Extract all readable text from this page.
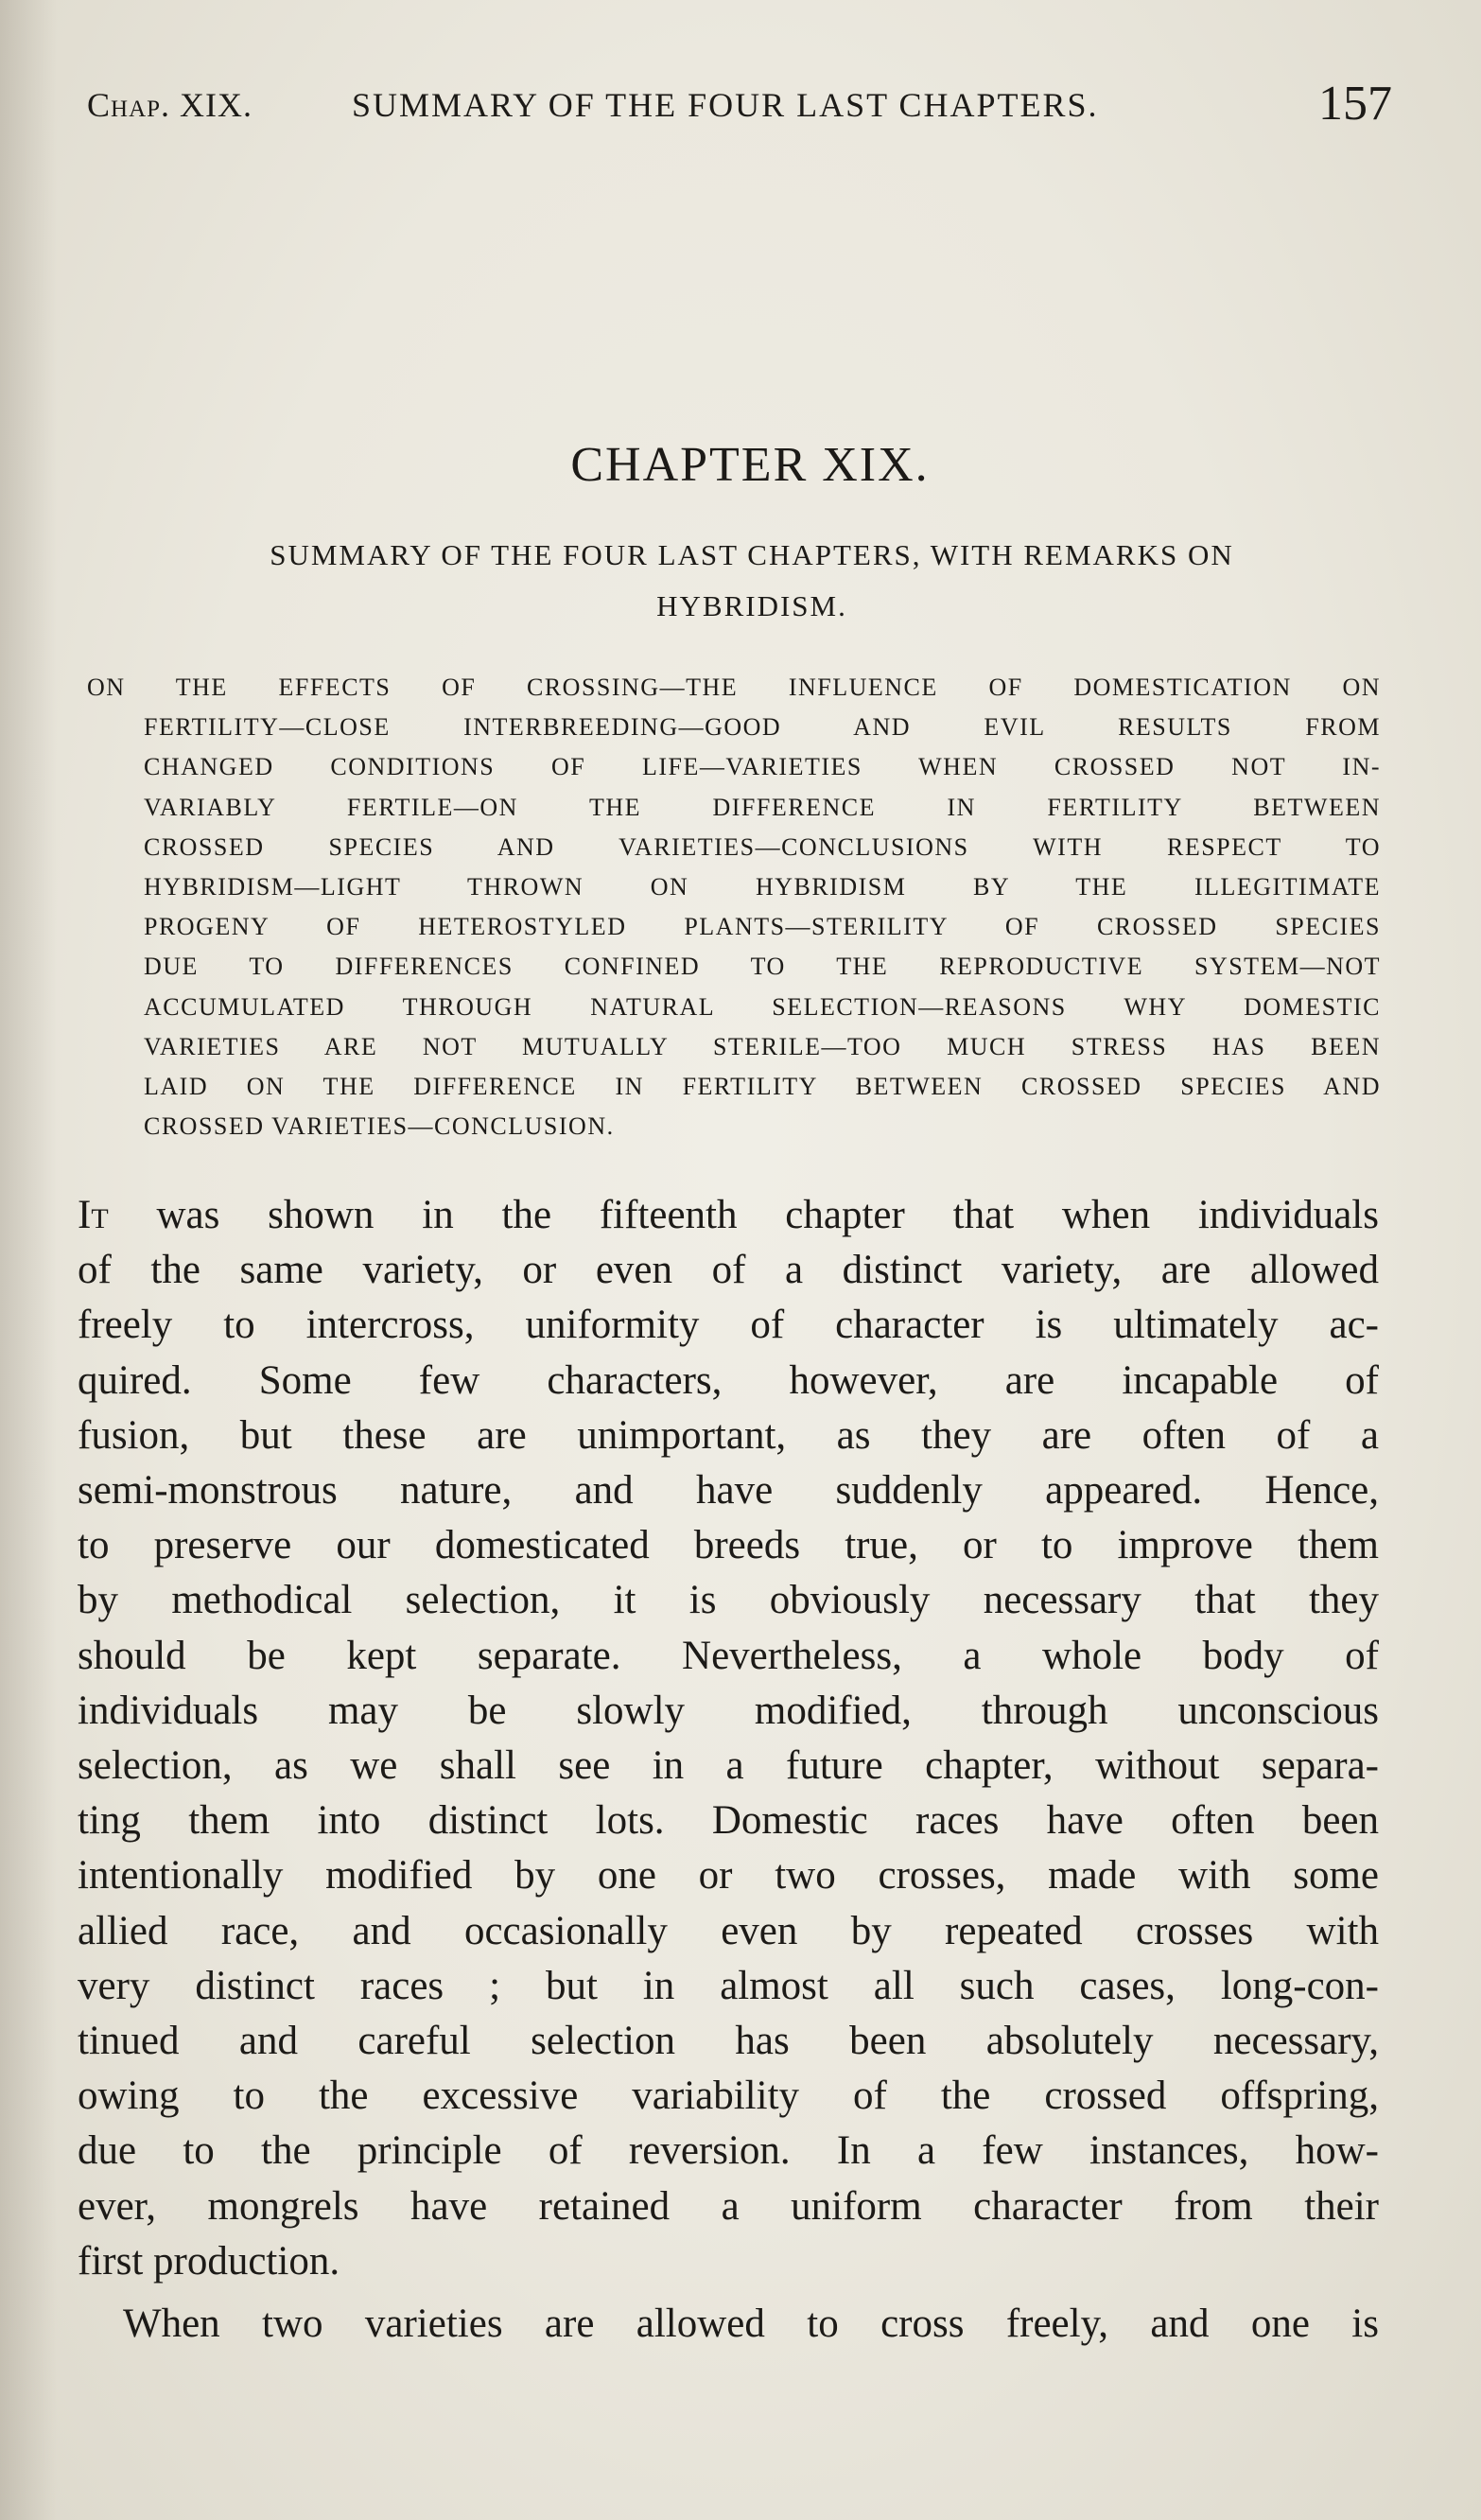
Chap. XIX.	SUMMARY OF THE FOUR LAST CHAPTERS.	157
CHAPTER XIX.
SUMMARY OF THE FOUR LAST CHAPTERS, WITH REMARKS ON
HYBRIDISM.
ON THE EFFECTS OF CROSSING—THE INFLUENCE OF DOMESTICATION ON
FERTILITY—CLOSE INTERBREEDING—GOOD AND EVIL RESULTS FROM
CHANGED CONDITIONS OF LIFE—VARIETIES WHEN CROSSED NOT IN-
VARIABLY FERTILE—ON THE DIFFERENCE IN FERTILITY BETWEEN
CROSSED SPECIES AND VARIETIES—CONCLUSIONS WITH RESPECT TO
HYBRIDISM—LIGHT THROWN ON HYBRIDISM BY THE ILLEGITIMATE
PROGENY OF HETEROSTYLED PLANTS—STERILITY OF CROSSED SPECIES
DUE TO DIFFERENCES CONFINED TO THE REPRODUCTIVE SYSTEM—NOT
ACCUMULATED THROUGH NATURAL SELECTION—REASONS WHY DOMESTIC
VARIETIES ARE NOT MUTUALLY STERILE—TOO MUCH STRESS HAS BEEN
LAID ON THE DIFFERENCE IN FERTILITY BETWEEN CROSSED SPECIES AND
CROSSED VARIETIES—CONCLUSION.
It was shown in the fifteenth chapter that when individuals
of the same variety, or even of a distinct variety, are allowed
freely to intercross, uniformity of character is ultimately ac-
quired. Some few characters, however, are incapable of
fusion, but these are unimportant, as they are often of a
semi-monstrous nature, and have suddenly appeared. Hence,
to preserve our domesticated breeds true, or to improve them
by methodical selection, it is obviously necessary that they
should be kept separate. Nevertheless, a whole body of
individuals may be slowly modified, through unconscious
selection, as we shall see in a future chapter, without separa-
ting them into distinct lots. Domestic races have often been
intentionally modified by one or two crosses, made with some
allied race, and occasionally even by repeated crosses with
very distinct races ; but in almost all such cases, long-con-
tinued and careful selection has been absolutely necessary,
owing to the excessive variability of the crossed offspring,
due to the principle of reversion. In a few instances, how-
ever, mongrels have retained a uniform character from their
first production.
When two varieties are allowed to cross freely, and one is
